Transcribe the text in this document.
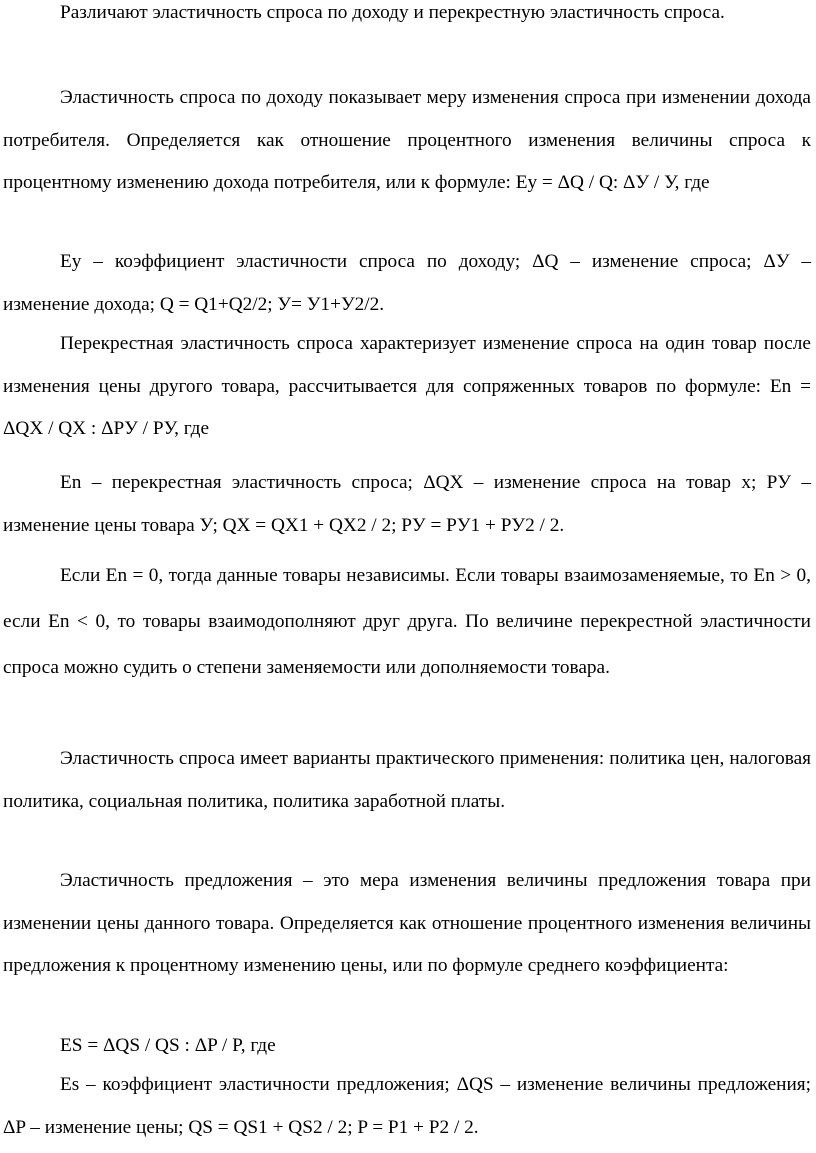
Различают эластичность спроса по доходу и перекрестную эластичность спроса.

Эластичность спроса по доходу показывает меру изменения спроса при изменении дохода потребителя. Определяется как отношение процентного изменения величины спроса к процентному изменению дохода потребителя, или к формуле: Eу = ΔQ / Q: ΔУ / У, где

Eу – коэффициент эластичности спроса по доходу; ΔQ – изменение спроса; ΔУ – изменение дохода; Q = Q1+Q2/2; У= У1+У2/2.

Перекрестная эластичность спроса характеризует изменение спроса на один товар после изменения цены другого товара, рассчитывается для сопряженных товаров по формуле: En = ΔQX / QX : ΔPУ / PУ, где

En – перекрестная эластичность спроса; ΔQX – изменение спроса на товар х; PУ – изменение цены товара У; QX = QX1 + QX2 / 2; PУ = PУ1 + PУ2 / 2.

Если En = 0, тогда данные товары независимы. Если товары взаимозаменяемые, то En > 0, если En < 0, то товары взаимодополняют друг друга. По величине перекрестной эластичности спроса можно судить о степени заменяемости или дополняемости товара.

Эластичность спроса имеет варианты практического применения: политика цен, налоговая политика, социальная политика, политика заработной платы.

Эластичность предложения – это мера изменения величины предложения товара при изменении цены данного товара. Определяется как отношение процентного изменения величины предложения к процентному изменению цены, или по формуле среднего коэффициента:

ES = ΔQS / QS : ΔP / P, где

Es – коэффициент эластичности предложения; ΔQS – изменение величины предложения; ΔP – изменение цены; QS = QS1 + QS2 / 2; P = P1 + P2 / 2.
